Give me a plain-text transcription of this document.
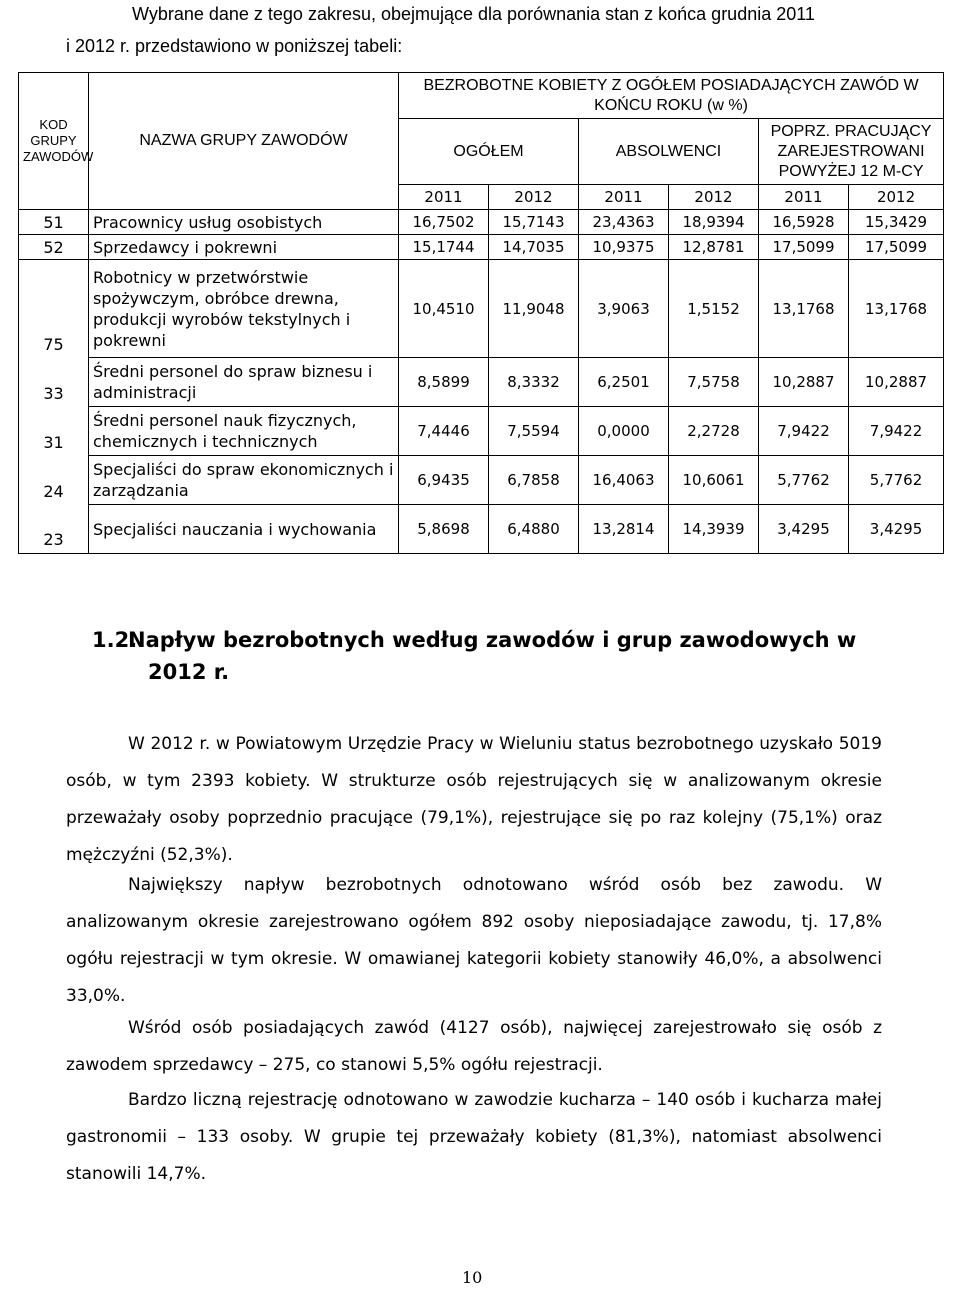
Wybrane dane z tego zakresu, obejmujące dla porównania stan z końca grudnia 2011
i 2012 r. przedstawiono w poniższej tabeli:
KOD GRUPY ZAWODÓW	NAZWA GRUPY ZAWODÓW	BEZROBOTNE KOBIETY Z OGÓŁEM POSIADAJĄCYCH ZAWÓD W KOŃCU ROKU (w %)					
		OGÓŁEM		ABSOLWENCI		POPRZ. PRACUJĄCY ZAREJESTROWANI POWYŻEJ 12 M-CY	
		2011	2012	2011	2012	2011	2012
51	Pracownicy usług osobistych	16,7502	15,7143	23,4363	18,9394	16,5928	15,3429
52	Sprzedawcy i pokrewni	15,1744	14,7035	10,9375	12,8781	17,5099	17,5099
75	Robotnicy w przetwórstwie spożywczym, obróbce drewna, produkcji wyrobów tekstylnych i pokrewni	10,4510	11,9048	3,9063	1,5152	13,1768	13,1768
33	Średni personel do spraw biznesu i administracji	8,5899	8,3332	6,2501	7,5758	10,2887	10,2887
31	Średni personel nauk fizycznych, chemicznych i technicznych	7,4446	7,5594	0,0000	2,2728	7,9422	7,9422
24	Specjaliści do spraw ekonomicznych i zarządzania	6,9435	6,7858	16,4063	10,6061	5,7762	5,7762
23	Specjaliści nauczania i wychowania	5,8698	6,4880	13,2814	14,3939	3,4295	3,4295
1.2.
Napływ bezrobotnych według zawodów i grup zawodowych w 2012 r.
W 2012 r. w Powiatowym Urzędzie Pracy w Wieluniu status bezrobotnego uzyskało 5019 osób, w tym 2393 kobiety. W strukturze osób rejestrujących się w analizowanym okresie przeważały osoby poprzednio pracujące (79,1%), rejestrujące się po raz kolejny (75,1%) oraz mężczyźni (52,3%).
Największy napływ bezrobotnych odnotowano wśród osób bez zawodu. W analizowanym okresie zarejestrowano ogółem 892 osoby nieposiadające zawodu, tj. 17,8% ogółu rejestracji w tym okresie. W omawianej kategorii kobiety stanowiły 46,0%, a absolwenci 33,0%.
Wśród osób posiadających zawód (4127 osób), najwięcej zarejestrowało się osób z zawodem sprzedawcy – 275, co stanowi 5,5% ogółu rejestracji.
Bardzo liczną rejestrację odnotowano w zawodzie kucharza – 140 osób i kucharza małej gastronomii – 133 osoby. W grupie tej przeważały kobiety (81,3%), natomiast absolwenci stanowili 14,7%.
10
